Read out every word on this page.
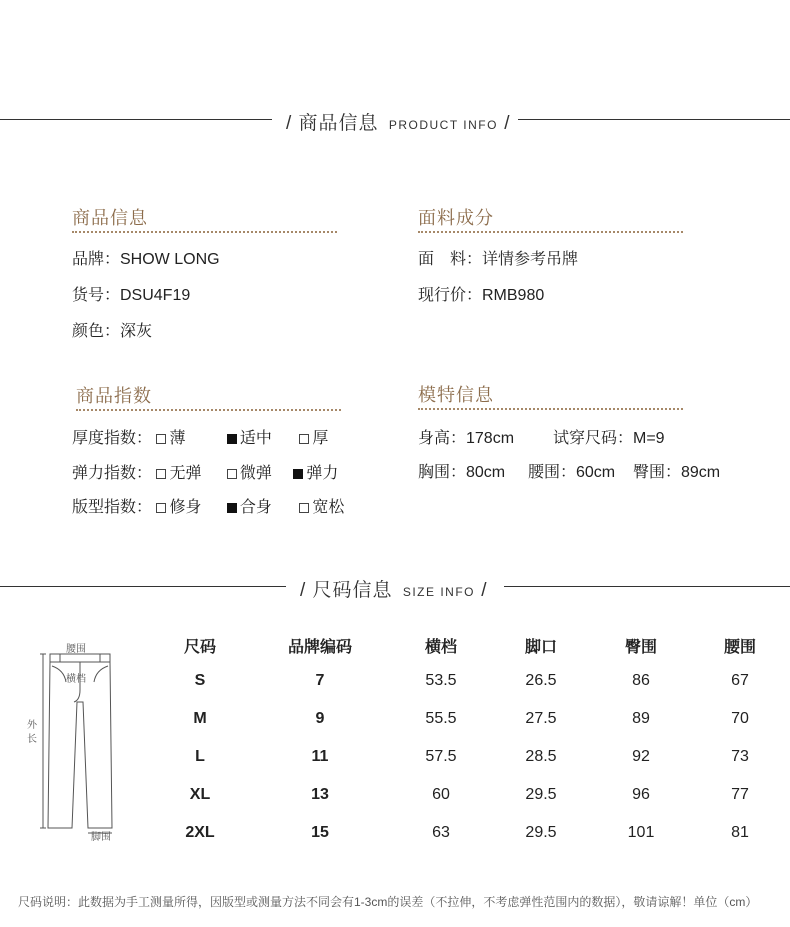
/ 商品信息 PRODUCT INFO /
商品信息
品牌：SHOW LONG
货号：DSU4F19
颜色：深灰
面料成分
面　料：详情参考吊牌
现行价：RMB980
商品指数
厚度指数： 薄	适中	厚
弹力指数： 无弹 微弹 弹力
版型指数： 修身 合身	宽松
模特信息
身高：178cm 试穿尺码：M=9
胸围：80cm 腰围：60cm 臀围：89cm
/ 尺码信息 SIZE INFO /
腰围
横档
外
长
脚围
尺码	品牌编码	横档	脚口	臀围	腰围
S	7	53.5	26.5	86	67
M	9	55.5	27.5	89	70
L	11	57.5	28.5	92	73
XL	13	60	29.5	96	77
2XL	15	63	29.5	101	81
尺码说明：此数据为手工测量所得，因版型或测量方法不同会有1-3cm的误差（不拉伸，不考虑弹性范围内的数据），敬请谅解！单位（cm）
